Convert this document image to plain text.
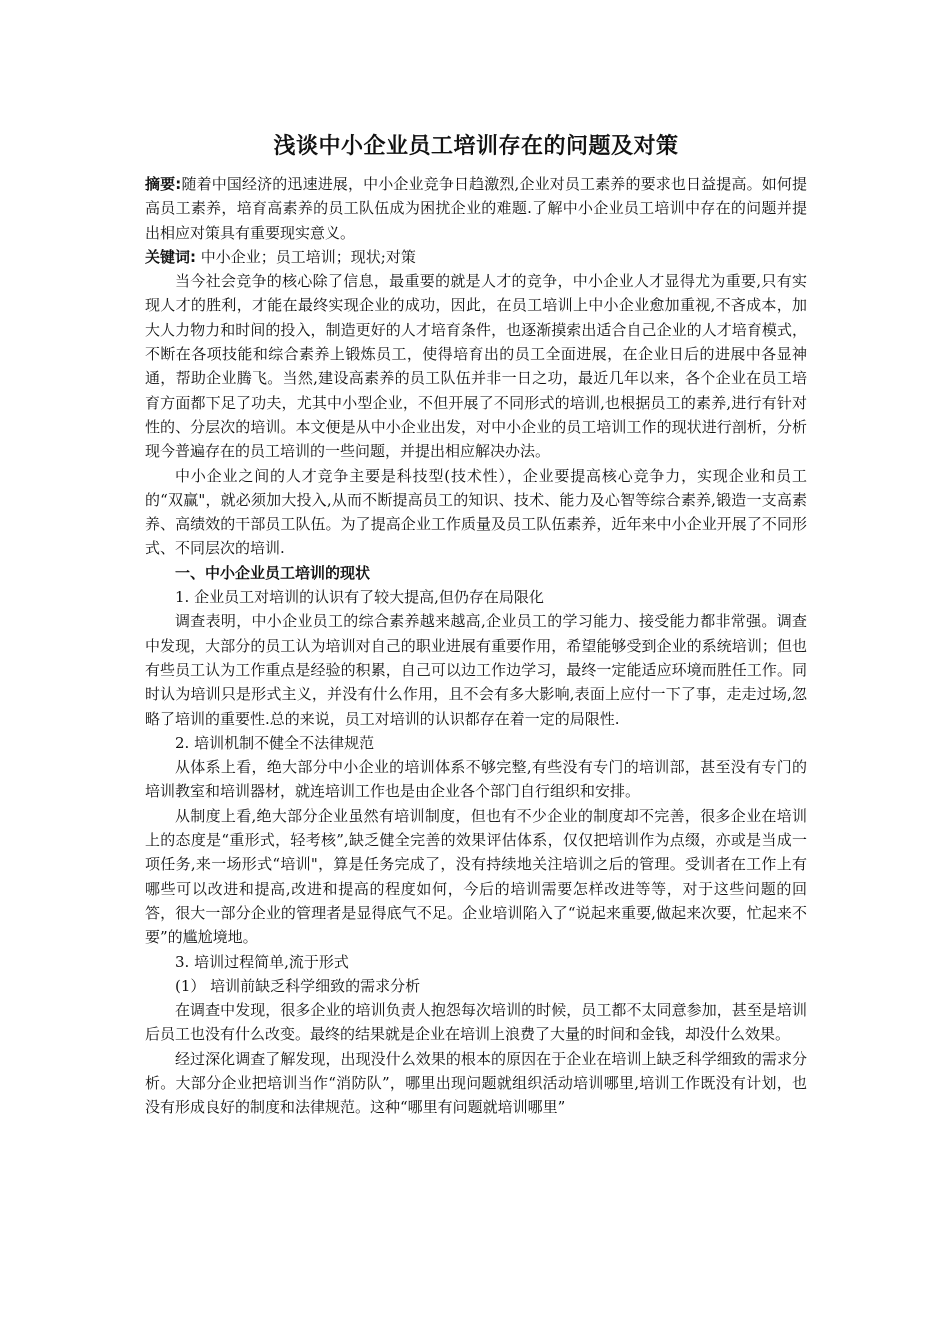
浅谈中小企业员工培训存在的问题及对策

摘要:随着中国经济的迅速进展，中小企业竞争日趋激烈,企业对员工素养的要求也日益提高。如何提高员工素养，培育高素养的员工队伍成为困扰企业的难题.了解中小企业员工培训中存在的问题并提出相应对策具有重要现实意义。

关键词: 中小企业；员工培训；现状;对策

当今社会竞争的核心除了信息，最重要的就是人才的竞争，中小企业人才显得尤为重要,只有实现人才的胜利，才能在最终实现企业的成功，因此，在员工培训上中小企业愈加重视,不吝成本，加大人力物力和时间的投入，制造更好的人才培育条件，也逐渐摸索出适合自己企业的人才培育模式，不断在各项技能和综合素养上锻炼员工，使得培育出的员工全面进展，在企业日后的进展中各显神通，帮助企业腾飞。当然,建设高素养的员工队伍并非一日之功，最近几年以来，各个企业在员工培育方面都下足了功夫，尤其中小型企业，不但开展了不同形式的培训,也根据员工的素养,进行有针对性的、分层次的培训。本文便是从中小企业出发，对中小企业的员工培训工作的现状进行剖析，分析现今普遍存在的员工培训的一些问题，并提出相应解决办法。

中小企业之间的人才竞争主要是科技型(技术性），企业要提高核心竞争力，实现企业和员工的“双赢"，就必须加大投入,从而不断提高员工的知识、技术、能力及心智等综合素养,锻造一支高素养、高绩效的干部员工队伍。为了提高企业工作质量及员工队伍素养，近年来中小企业开展了不同形式、不同层次的培训.

一、中小企业员工培训的现状

1. 企业员工对培训的认识有了较大提高,但仍存在局限化

调查表明，中小企业员工的综合素养越来越高,企业员工的学习能力、接受能力都非常强。调查中发现，大部分的员工认为培训对自己的职业进展有重要作用，希望能够受到企业的系统培训；但也有些员工认为工作重点是经验的积累，自己可以边工作边学习，最终一定能适应环境而胜任工作。同时认为培训只是形式主义，并没有什么作用，且不会有多大影响,表面上应付一下了事，走走过场,忽略了培训的重要性.总的来说，员工对培训的认识都存在着一定的局限性.

2. 培训机制不健全不法律规范

从体系上看，绝大部分中小企业的培训体系不够完整,有些没有专门的培训部，甚至没有专门的培训教室和培训器材，就连培训工作也是由企业各个部门自行组织和安排。

从制度上看,绝大部分企业虽然有培训制度，但也有不少企业的制度却不完善，很多企业在培训上的态度是“重形式，轻考核”,缺乏健全完善的效果评估体系，仅仅把培训作为点缀，亦或是当成一项任务,来一场形式“培训"，算是任务完成了，没有持续地关注培训之后的管理。受训者在工作上有哪些可以改进和提高,改进和提高的程度如何，今后的培训需要怎样改进等等，对于这些问题的回答，很大一部分企业的管理者是显得底气不足。企业培训陷入了“说起来重要,做起来次要，忙起来不要”的尴尬境地。

3. 培训过程简单,流于形式

(1） 培训前缺乏科学细致的需求分析

在调查中发现，很多企业的培训负责人抱怨每次培训的时候，员工都不太同意参加，甚至是培训后员工也没有什么改变。最终的结果就是企业在培训上浪费了大量的时间和金钱，却没什么效果。

经过深化调查了解发现，出现没什么效果的根本的原因在于企业在培训上缺乏科学细致的需求分析。大部分企业把培训当作“消防队”，哪里出现问题就组织活动培训哪里,培训工作既没有计划，也没有形成良好的制度和法律规范。这种“哪里有问题就培训哪里”
